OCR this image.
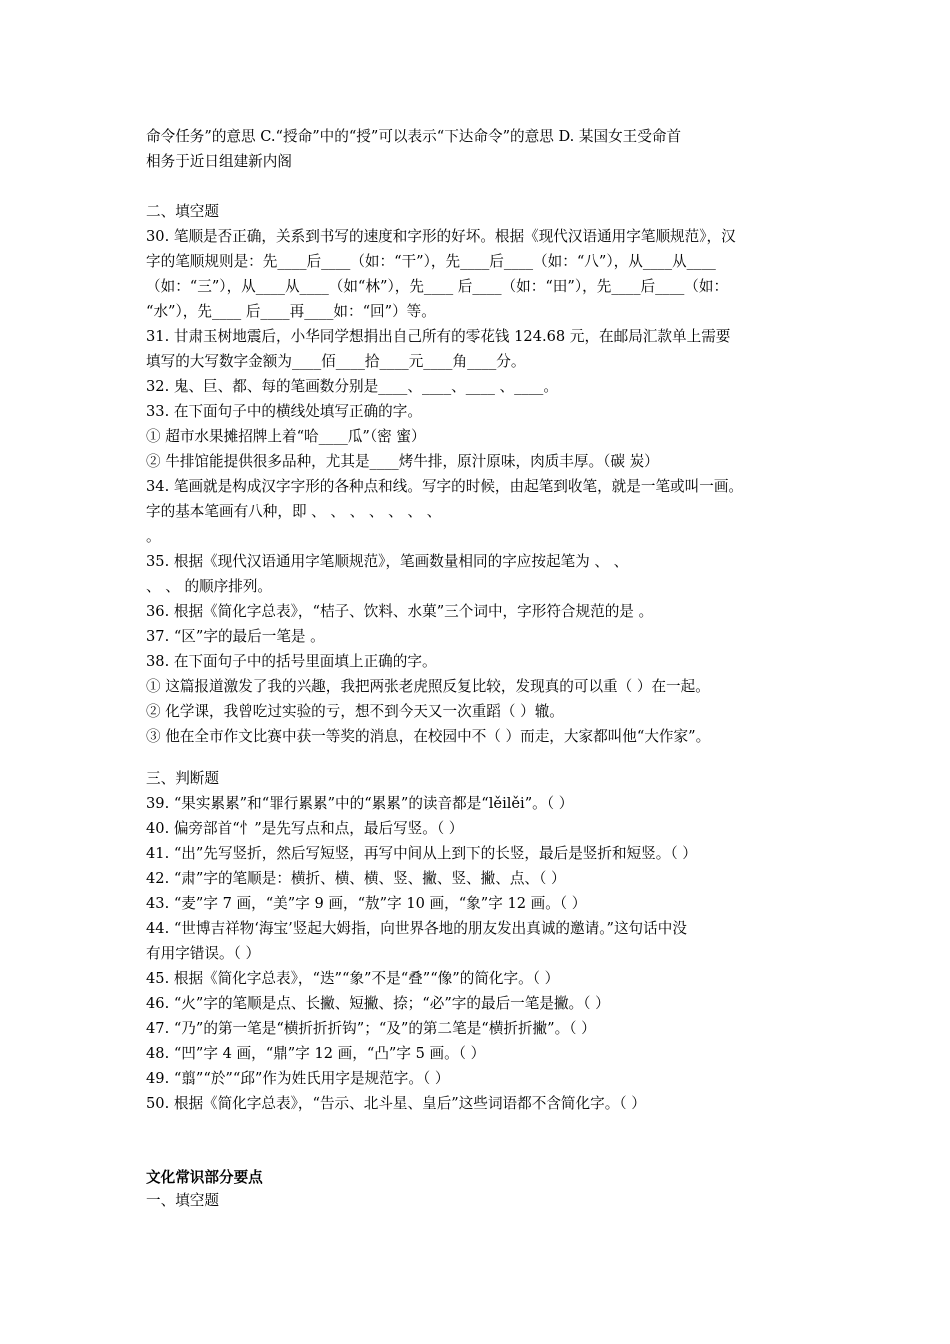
命令任务”的意思 C.“授命”中的“授”可以表示“下达命令”的意思 D. 某国女王受命首
相务于近日组建新内阁
二、填空题
30. 笔顺是否正确，关系到书写的速度和字形的好坏。根据《现代汉语通用字笔顺规范》，汉
字的笔顺规则是：先____后____（如：“干”），先____后____（如：“八”），从____从____
（如：“三”），从____从____（如“林”），先____ 后____（如：“田”），先____后____（如：
“水”），先____ 后____再____如：“回”）等。
31. 甘肃玉树地震后，小华同学想捐出自己所有的零花钱 124.68 元，在邮局汇款单上需要
填写的大写数字金额为____佰____拾____元____角____分。
32. 鬼、巨、都、每的笔画数分别是____、____、____ 、____。
33. 在下面句子中的横线处填写正确的字。
① 超市水果摊招牌上着“哈____瓜”（密 蜜）
② 牛排馆能提供很多品种，尤其是____烤牛排，原汁原味，肉质丰厚。（碳 炭）
34. 笔画就是构成汉字字形的各种点和线。写字的时候，由起笔到收笔，就是一笔或叫一画。
字的基本笔画有八种，即 、 、 、 、 、 、 、
。
35. 根据《现代汉语通用字笔顺规范》，笔画数量相同的字应按起笔为 、 、
、 、 的顺序排列。
36. 根据《简化字总表》，“桔子、饮料、水菓”三个词中，字形符合规范的是 。
37. “区”字的最后一笔是 。
38. 在下面句子中的括号里面填上正确的字。
① 这篇报道激发了我的兴趣，我把两张老虎照反复比较，发现真的可以重（ ）在一起。
② 化学课，我曾吃过实验的亏，想不到今天又一次重蹈（ ）辙。
③ 他在全市作文比赛中获一等奖的消息，在校园中不（ ）而走，大家都叫他“大作家”。
三、判断题
39. “果实累累”和“罪行累累”中的“累累”的读音都是“lěilěi”。（ ）
40. 偏旁部首“忄”是先写点和点，最后写竖。（ ）
41. “出”先写竖折，然后写短竖，再写中间从上到下的长竖，最后是竖折和短竖。（ ）
42. “肃”字的笔顺是：横折、横、横、竖、撇、竖、撇、点、（ ）
43. “麦”字 7 画，“美”字 9 画，“敖”字 10 画，“象”字 12 画。（ ）
44. “世博吉祥物‘海宝’竖起大姆指，向世界各地的朋友发出真诚的邀请。”这句话中没
有用字错误。（ ）
45. 根据《简化字总表》，“迭”“象”不是“叠”“像”的简化字。（ ）
46. “火”字的笔顺是点、长撇、短撇、捺；“必”字的最后一笔是撇。（ ）
47. “乃”的第一笔是“横折折折钩”；“及”的第二笔是“横折折撇”。（ ）
48. “凹”字 4 画，“鼎”字 12 画，“凸”字 5 画。（ ）
49. “翦”“於”“邱”作为姓氏用字是规范字。（ ）
50. 根据《简化字总表》，“告示、北斗星、皇后”这些词语都不含简化字。（ ）
文化常识部分要点
一、填空题
